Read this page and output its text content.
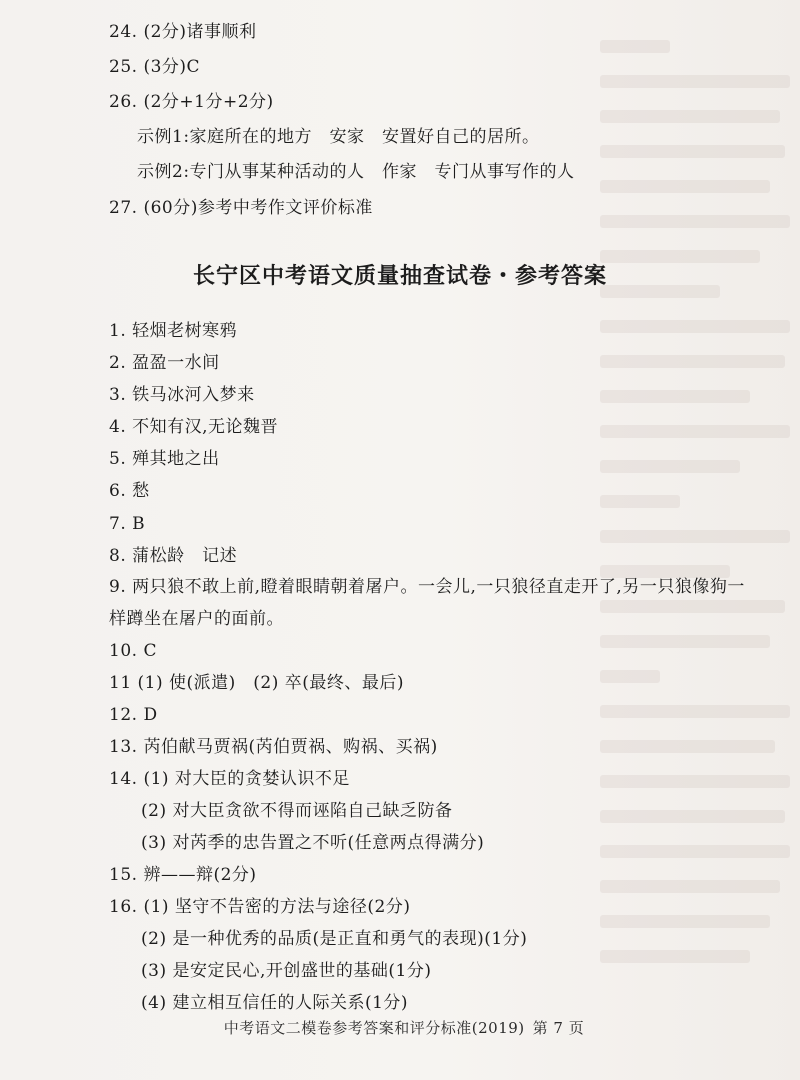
24. (2分)诸事顺利
25. (3分)C
26. (2分+1分+2分)
示例1:家庭所在的地方　安家　安置好自己的居所。
示例2:专门从事某种活动的人　作家　专门从事写作的人
27. (60分)参考中考作文评价标准
长宁区中考语文质量抽查试卷・参考答案
1. 轻烟老树寒鸦
2. 盈盈一水间
3. 铁马冰河入梦来
4. 不知有汉,无论魏晋
5. 殚其地之出
6. 愁
7. B
8. 蒲松龄　记述
9. 两只狼不敢上前,瞪着眼睛朝着屠户。一会儿,一只狼径直走开了,另一只狼像狗一
样蹲坐在屠户的面前。
10. C
11 (1) 使(派遣)　(2) 卒(最终、最后)
12. D
13. 芮伯献马贾祸(芮伯贾祸、购祸、买祸)
14. (1) 对大臣的贪婪认识不足
(2) 对大臣贪欲不得而诬陷自己缺乏防备
(3) 对芮季的忠告置之不听(任意两点得满分)
15. 辨——辩(2分)
16. (1) 坚守不告密的方法与途径(2分)
(2) 是一种优秀的品质(是正直和勇气的表现)(1分)
(3) 是安定民心,开创盛世的基础(1分)
(4) 建立相互信任的人际关系(1分)
中考语文二模卷参考答案和评分标准(2019) 第 7 页
